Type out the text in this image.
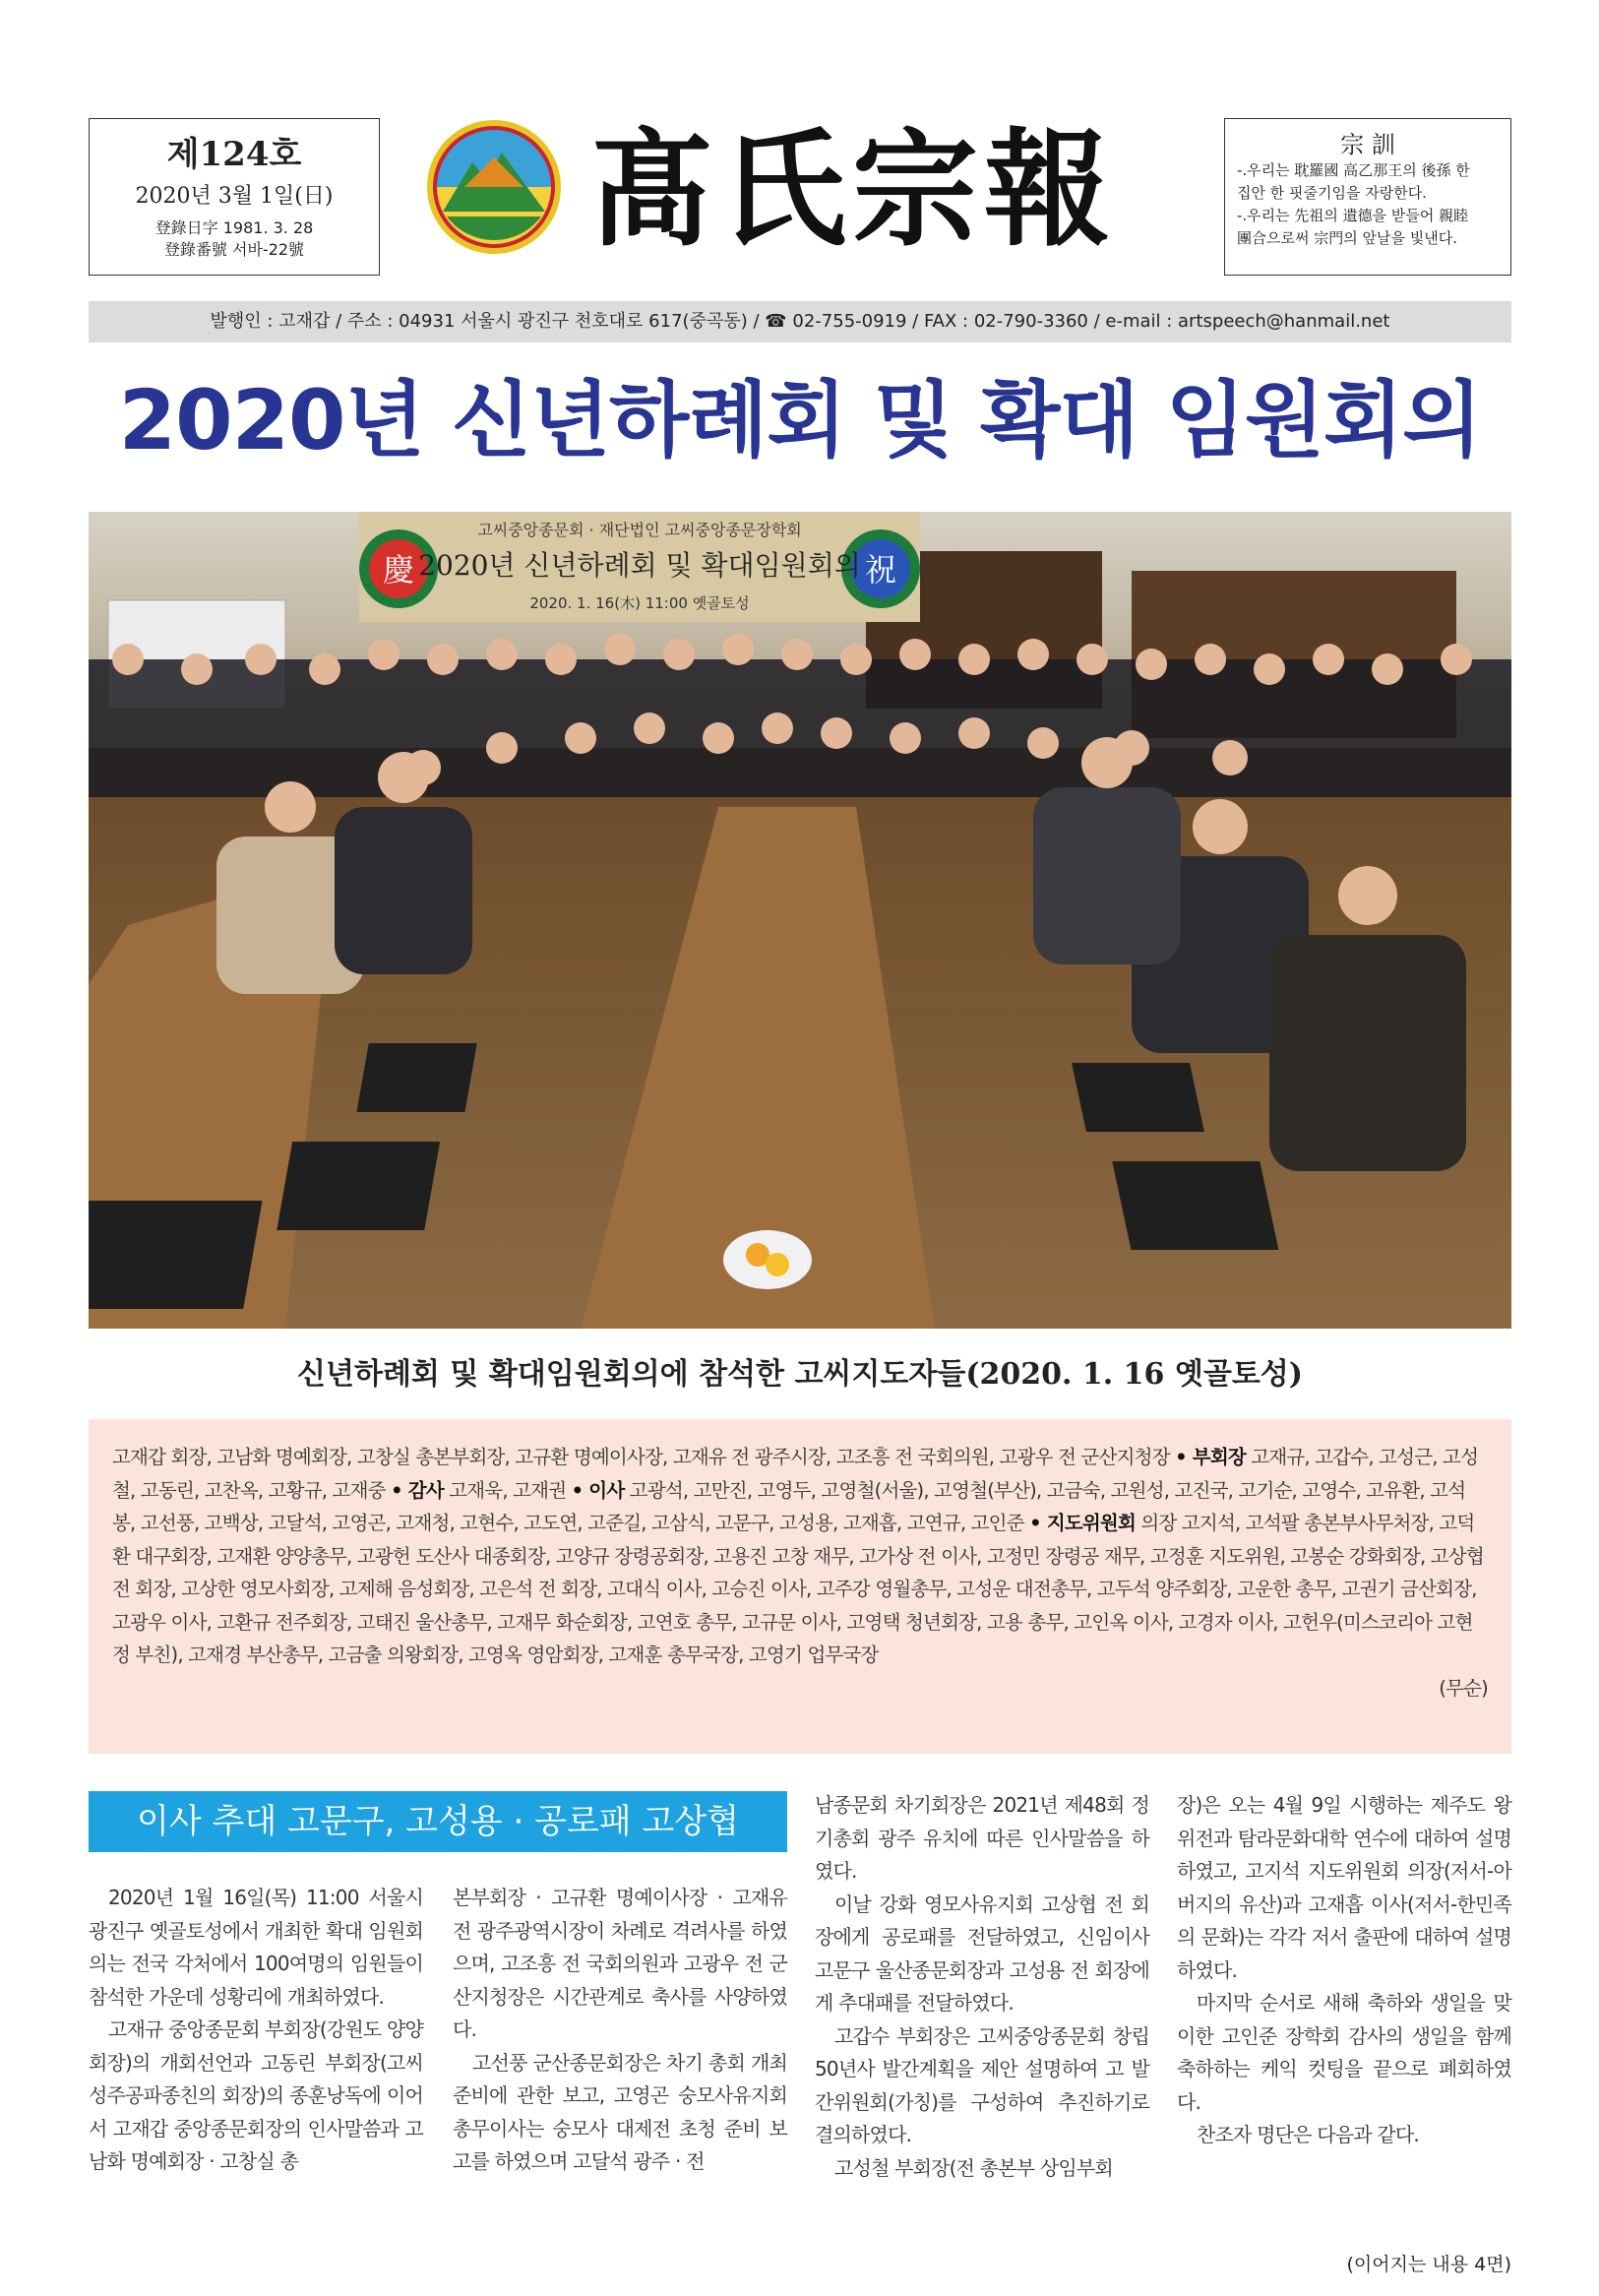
제124호
2020년 3월 1일(日)
登錄日字 1981. 3. 28
登錄番號 서바-22號	髙氏宗報	宗 訓
-.우리는 耽羅國 高乙那王의 後孫 한
집안 한 핏줄기임을 자랑한다.
-.우리는 先祖의 遺德을 받들어 親睦
團合으로써 宗門의 앞날을 빛낸다.
발행인 : 고재갑 / 주소 : 04931 서울시 광진구 천호대로 617(중곡동) / ☎ 02-755-0919 / FAX : 02-790-3360 / e-mail : artspeech@hanmail.net
2020년 신년하례회 및 확대 임원회의
慶	祝
고씨중앙종문회 · 재단법인 고씨중앙종문장학회
2020년 신년하례회 및 확대임원회의
2020. 1. 16(木) 11:00 옛골토성
신년하례회 및 확대임원회의에 참석한 고씨지도자들(2020. 1. 16 옛골토성)
고재갑 회장, 고남화 명예회장, 고창실 총본부회장, 고규환 명예이사장, 고재유 전 광주시장, 고조흥 전 국회의원, 고광우 전 군산지청장 • 부회장 고재규, 고갑수, 고성근, 고성철, 고동린, 고찬옥, 고황규, 고재중 • 감사 고재욱, 고재권 • 이사 고광석, 고만진, 고영두, 고영철(서울), 고영철(부산), 고금숙, 고원성, 고진국, 고기순, 고영수, 고유환, 고석봉, 고선풍, 고백상, 고달석, 고영곤, 고재청, 고현수, 고도연, 고준길, 고삼식, 고문구, 고성용, 고재흡, 고연규, 고인준 • 지도위원회 의장 고지석, 고석팔 총본부사무처장, 고덕환 대구회장, 고재환 양양총무, 고광헌 도산사 대종회장, 고양규 장령공회장, 고용진 고창 재무, 고가상 전 이사, 고정민 장령공 재무, 고정훈 지도위원, 고봉순 강화회장, 고상협 전 회장, 고상한 영모사회장, 고제해 음성회장, 고은석 전 회장, 고대식 이사, 고승진 이사, 고주강 영월총무, 고성운 대전총무, 고두석 양주회장, 고운한 총무, 고권기 금산회장, 고광우 이사, 고환규 전주회장, 고태진 울산총무, 고재무 화순회장, 고연호 총무, 고규문 이사, 고영택 청년회장, 고용 총무, 고인옥 이사, 고경자 이사, 고헌우(미스코리아 고현정 부친), 고재경 부산총무, 고금출 의왕회장, 고영옥 영암회장, 고재훈 총무국장, 고영기 업무국장
(무순)
이사 추대 고문구, 고성용 · 공로패 고상협

2020년 1월 16일(목) 11:00 서울시 광진구 옛골토성에서 개최한 확대 임원회의는 전국 각처에서 100여명의 임원들이 참석한 가운데 성황리에 개최하였다.

고재규 중앙종문회 부회장(강원도 양양 회장)의 개회선언과 고동린 부회장(고씨 성주공파종친의 회장)의 종훈낭독에 이어서 고재갑 중앙종문회장의 인사말씀과 고남화 명예회장 · 고창실 총

본부회장 · 고규환 명예이사장 · 고재유 전 광주광역시장이 차례로 격려사를 하였으며, 고조흥 전 국회의원과 고광우 전 군산지청장은 시간관계로 축사를 사양하였다.

고선풍 군산종문회장은 차기 총회 개최 준비에 관한 보고, 고영곤 숭모사유지회 총무이사는 숭모사 대제전 초청 준비 보고를 하였으며 고달석 광주 · 전

남종문회 차기회장은 2021년 제48회 정기총회 광주 유치에 따른 인사말씀을 하였다.

이날 강화 영모사유지회 고상협 전 회장에게 공로패를 전달하였고, 신임이사 고문구 울산종문회장과 고성용 전 회장에게 추대패를 전달하였다.

고갑수 부회장은 고씨중앙종문회 창립 50년사 발간계획을 제안 설명하여 고 발간위원회(가칭)를 구성하여 추진하기로 결의하였다.

고성철 부회장(전 총본부 상임부회

장)은 오는 4월 9일 시행하는 제주도 왕위전과 탐라문화대학 연수에 대하여 설명하였고, 고지석 지도위원회 의장(저서-아버지의 유산)과 고재흡 이사(저서-한민족의 문화)는 각각 저서 출판에 대하여 설명하였다.

마지막 순서로 새해 축하와 생일을 맞이한 고인준 장학회 감사의 생일을 함께 축하하는 케익 컷팅을 끝으로 폐회하였다.

찬조자 명단은 다음과 같다.

(이어지는 내용 4면)
